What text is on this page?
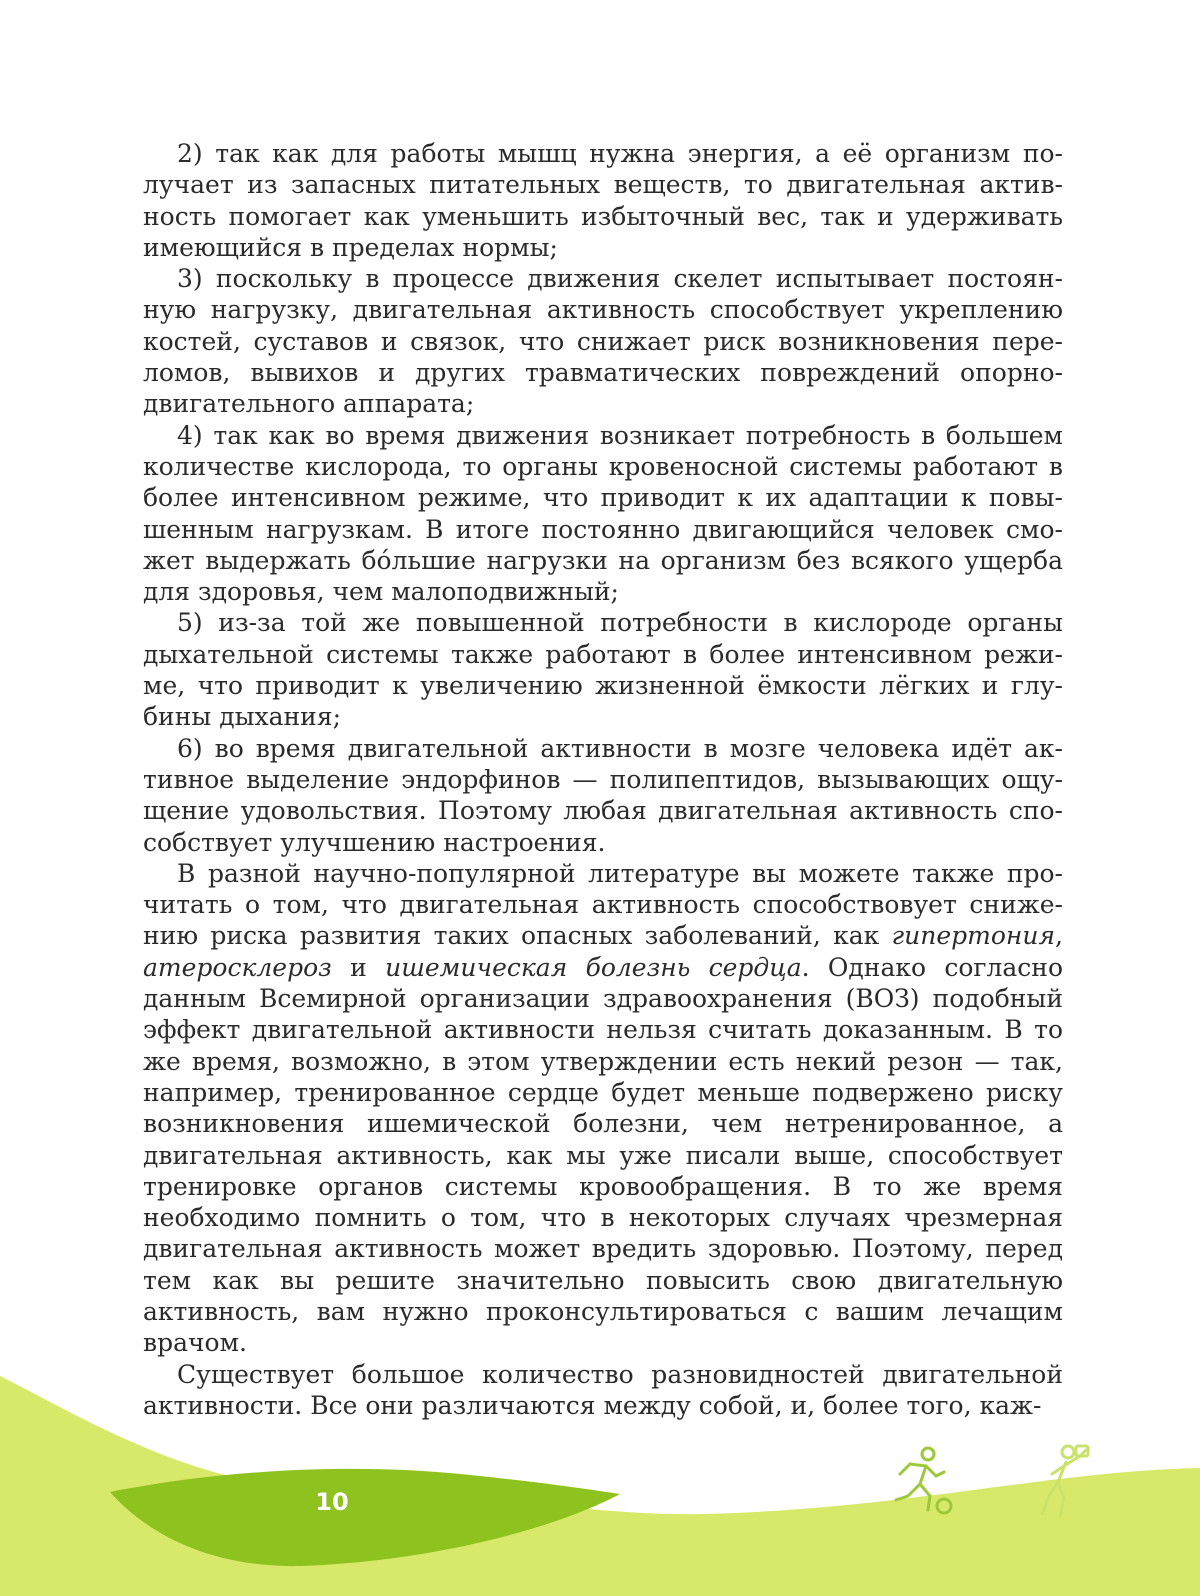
2) так как для работы мышц нужна энергия, а её организм получает из запасных питательных веществ, то двигательная активность помогает как уменьшить избыточный вес, так и удерживать имеющийся в пределах нормы;

3) поскольку в процессе движения скелет испытывает постоянную нагрузку, двигательная активность способствует укреплению костей, суставов и связок, что снижает риск возникновения переломов, вывихов и других травматических повреждений опорно-двигательного аппарата;

4) так как во время движения возникает потребность в большем количестве кислорода, то органы кровеносной системы работают в более интенсивном режиме, что приводит к их адаптации к повышенным нагрузкам. В итоге постоянно двигающийся человек сможет выдержать бóльшие нагрузки на организм без всякого ущерба для здоровья, чем малоподвижный;

5) из-за той же повышенной потребности в кислороде органы дыхательной системы также работают в более интенсивном режиме, что приводит к увеличению жизненной ёмкости лёгких и глубины дыхания;

6) во время двигательной активности в мозге человека идёт активное выделение эндорфинов — полипептидов, вызывающих ощущение удовольствия. Поэтому любая двигательная активность способствует улучшению настроения.

В разной научно-популярной литературе вы можете также прочитать о том, что двигательная активность способствовует снижению риска развития таких опасных заболеваний, как гипертония, атеросклероз и ишемическая болезнь сердца. Однако согласно данным Всемирной организации здравоохранения (ВОЗ) подобный эффект двигательной активности нельзя считать доказанным. В то же время, возможно, в этом утверждении есть некий резон — так, например, тренированное сердце будет меньше подвержено риску возникновения ишемической болезни, чем нетренированное, а двигательная активность, как мы уже писали выше, способствует тренировке органов системы кровообращения. В то же время необходимо помнить о том, что в некоторых случаях чрезмерная двигательная активность может вредить здоровью. Поэтому, перед тем как вы решите значительно повысить свою двигательную активность, вам нужно проконсультироваться с вашим лечащим врачом.

Существует большое количество разновидностей двигательной активности. Все они различаются между собой, и, более того, каж-

10
